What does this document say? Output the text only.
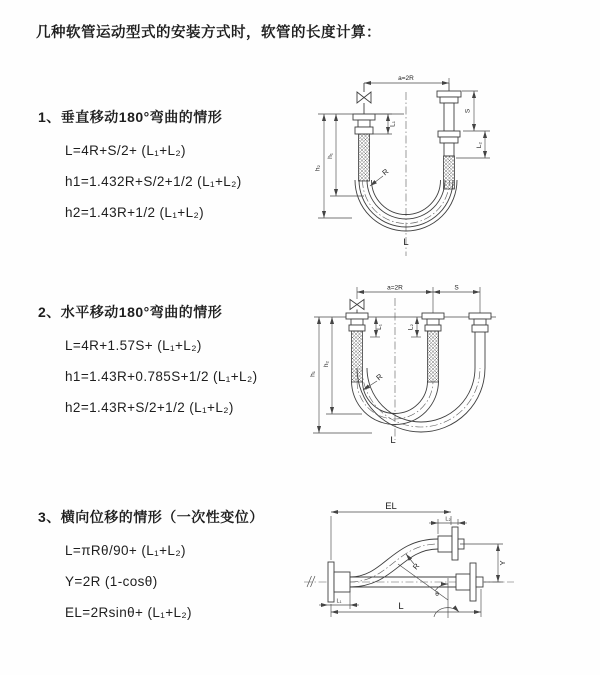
几种软管运动型式的安装方式时，软管的长度计算：
1、垂直移动180°弯曲的情形
L=4R+S/2+ (L₁+L₂)
h1=1.432R+S/2+1/2 (L₁+L₂)
h2=1.43R+1/2 (L₁+L₂)
a=2R
L₁
S
L₂
h₁
h₂	R
L
2、水平移动180°弯曲的情形
L=4R+1.57S+ (L₁+L₂)
h1=1.43R+0.785S+1/2 (L₁+L₂)
h2=1.43R+S/2+1/2 (L₁+L₂)
a=2R	S
L₁	L₂
h₂
h₁	R
L
3、横向位移的情形（一次性变位）
L=πRθ/90+ (L₁+L₂)
Y=2R (1-cosθ)
EL=2Rsinθ+ (L₁+L₂)
EL
L₂
Y
L
L₁
R
θ
